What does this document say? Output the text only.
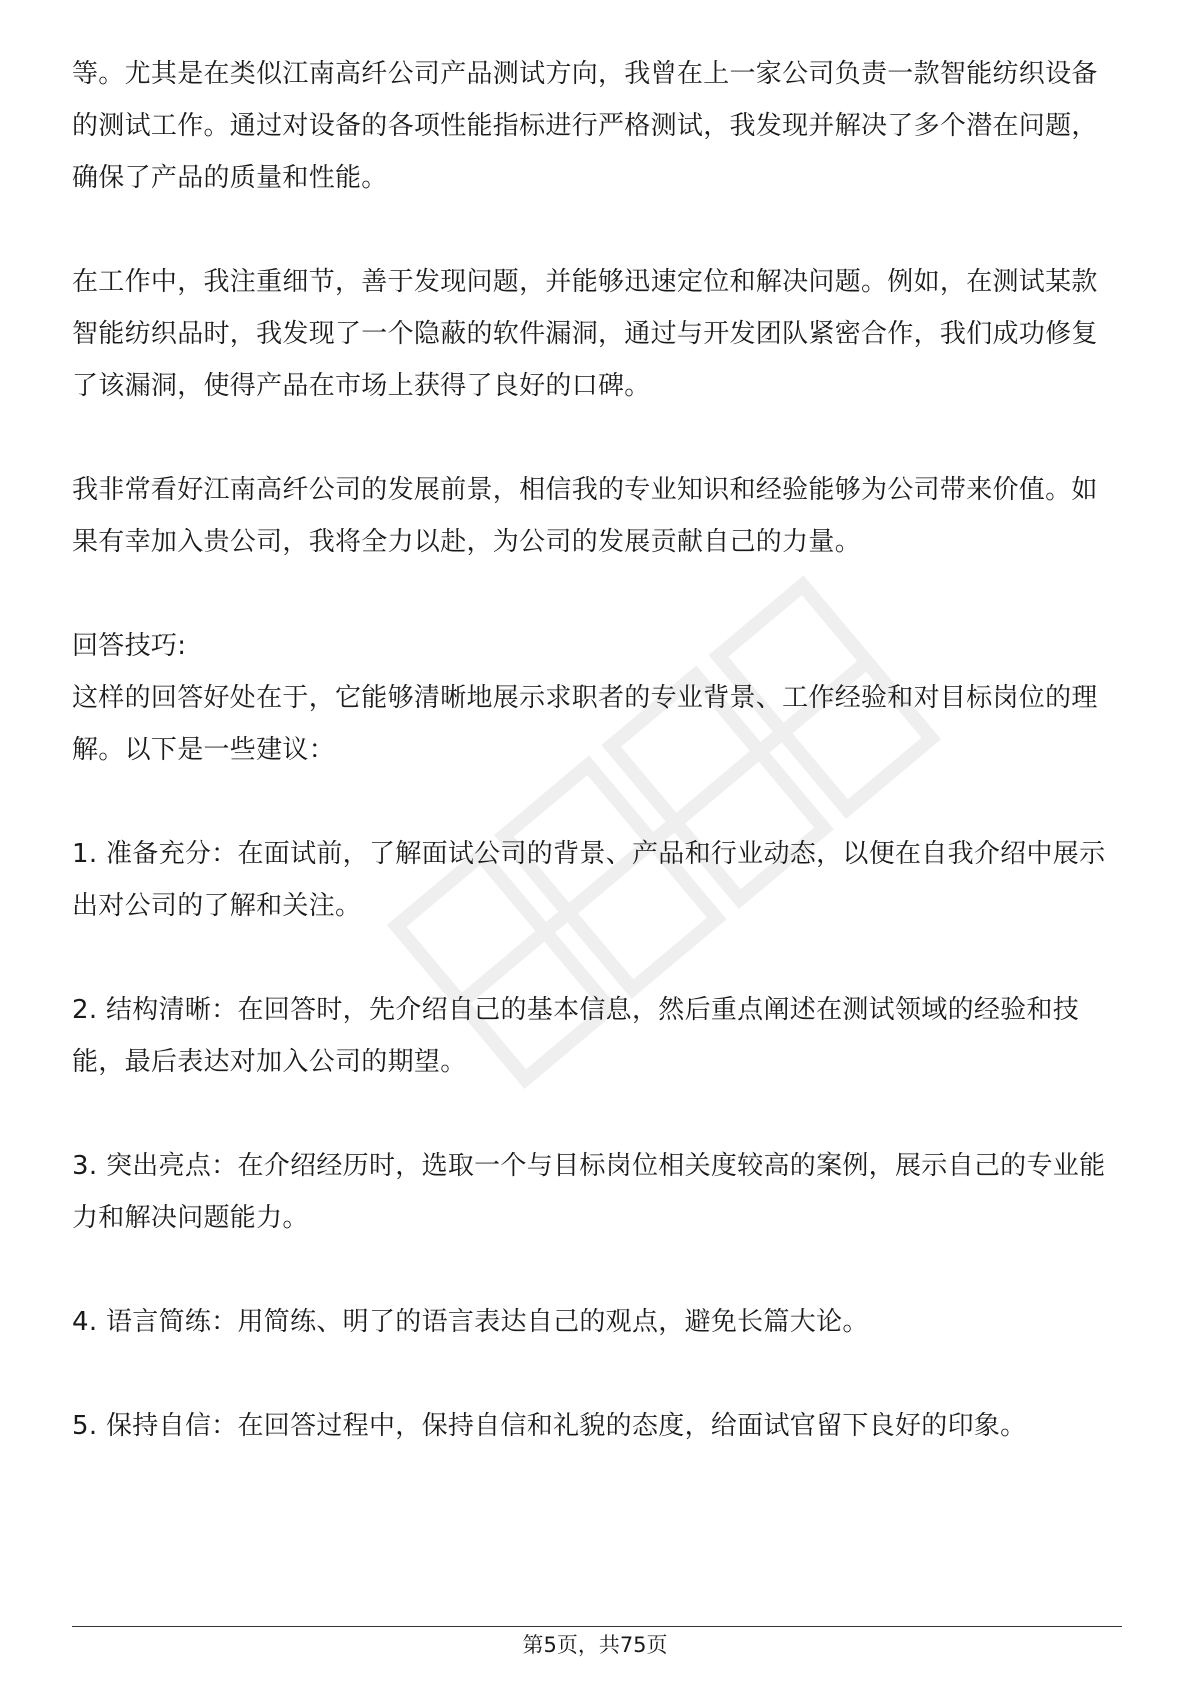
等。尤其是在类似江南高纤公司产品测试方向，我曾在上一家公司负责一款智能纺织设备的测试工作。通过对设备的各项性能指标进行严格测试，我发现并解决了多个潜在问题，确保了产品的质量和性能。

在工作中，我注重细节，善于发现问题，并能够迅速定位和解决问题。例如，在测试某款智能纺织品时，我发现了一个隐蔽的软件漏洞，通过与开发团队紧密合作，我们成功修复了该漏洞，使得产品在市场上获得了良好的口碑。

我非常看好江南高纤公司的发展前景，相信我的专业知识和经验能够为公司带来价值。如果有幸加入贵公司，我将全力以赴，为公司的发展贡献自己的力量。

回答技巧:

这样的回答好处在于，它能够清晰地展示求职者的专业背景、工作经验和对目标岗位的理解。以下是一些建议：

1. 准备充分：在面试前，了解面试公司的背景、产品和行业动态，以便在自我介绍中展示出对公司的了解和关注。

2. 结构清晰：在回答时，先介绍自己的基本信息，然后重点阐述在测试领域的经验和技能，最后表达对加入公司的期望。

3. 突出亮点：在介绍经历时，选取一个与目标岗位相关度较高的案例，展示自己的专业能力和解决问题能力。

4. 语言简练：用简练、明了的语言表达自己的观点，避免长篇大论。

5. 保持自信：在回答过程中，保持自信和礼貌的态度，给面试官留下良好的印象。

第5页，共75页
